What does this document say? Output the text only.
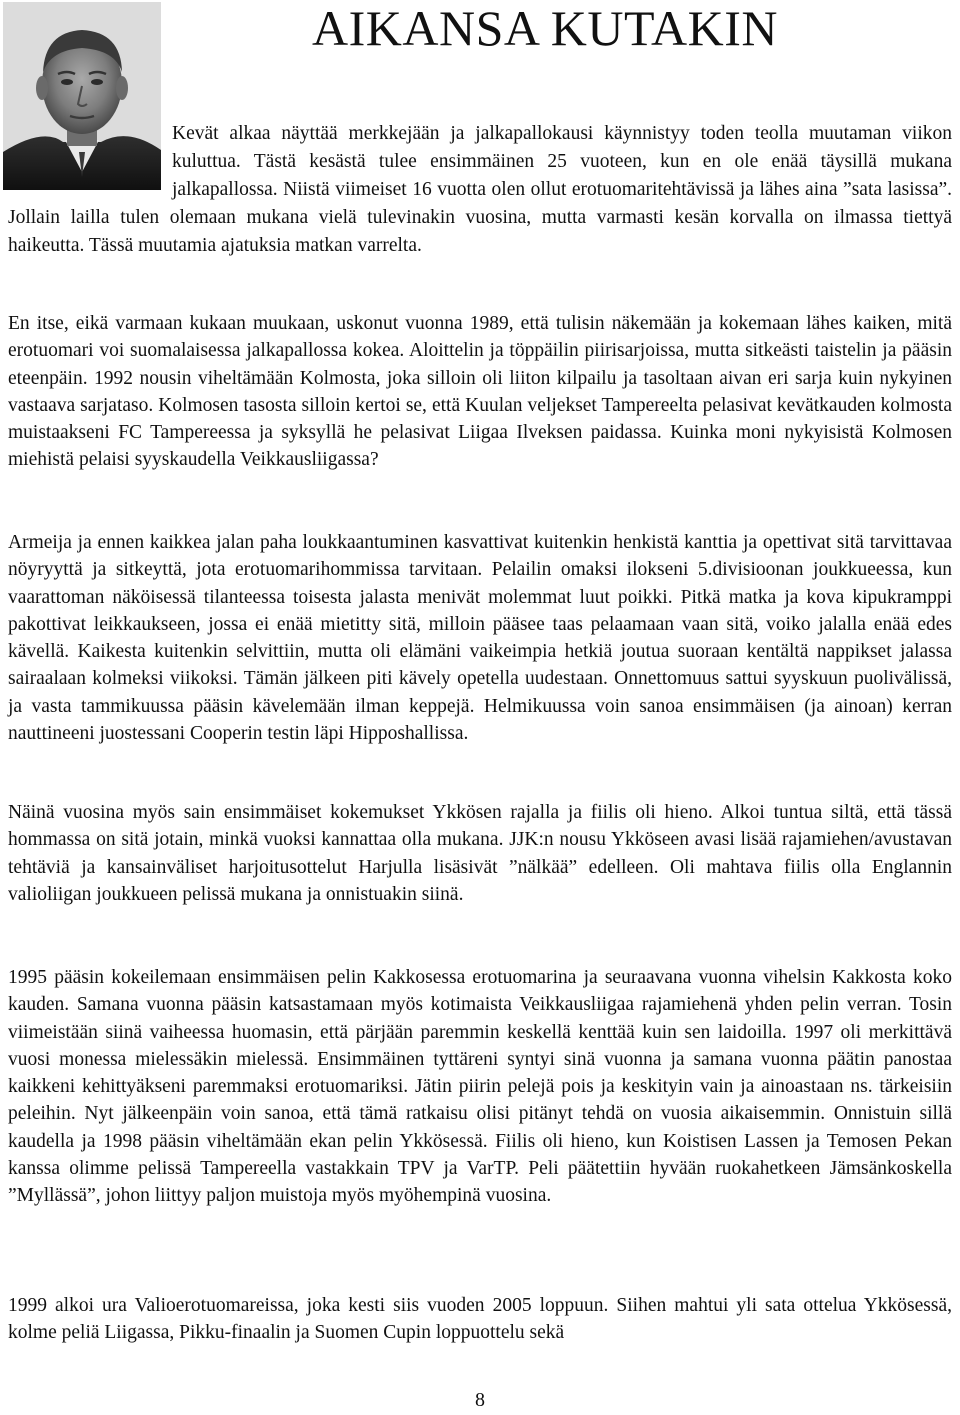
AIKANSA KUTAKIN

Kevät alkaa näyttää merkkejään ja jalkapallokausi käynnistyy toden teolla muutaman viikon kuluttua. Tästä kesästä tulee ensimmäinen 25 vuoteen, kun en ole enää täysillä mukana jalkapallossa. Niistä viimeiset 16 vuotta olen ollut erotuomaritehtävissä ja lähes aina ”sata lasissa”. Jollain lailla tulen olemaan mukana vielä tulevinakin vuosina, mutta varmasti kesän korvalla on ilmassa tiettyä haikeutta. Tässä muutamia ajatuksia matkan varrelta.

En itse, eikä varmaan kukaan muukaan, uskonut vuonna 1989, että tulisin näkemään ja kokemaan lähes kaiken, mitä erotuomari voi suomalaisessa jalkapallossa kokea. Aloittelin ja töppäilin piirisarjoissa, mutta sitkeästi taistelin ja pääsin eteenpäin. 1992 nousin viheltämään Kolmosta, joka silloin oli liiton kilpailu ja tasoltaan aivan eri sarja kuin nykyinen vastaava sarjataso. Kolmosen tasosta silloin kertoi se, että Kuulan veljekset Tampereelta pelasivat kevätkauden kolmosta muistaakseni FC Tampereessa ja syksyllä he pelasivat Liigaa Ilveksen paidassa. Kuinka moni nykyisistä Kolmosen miehistä pelaisi syyskaudella Veikkausliigassa?

Armeija ja ennen kaikkea jalan paha loukkaantuminen kasvattivat kuitenkin henkistä kanttia ja opettivat sitä tarvittavaa nöyryyttä ja sitkeyttä, jota erotuomarihommissa tarvitaan. Pelailin omaksi ilokseni 5.divisioonan joukkueessa, kun vaarattoman näköisessä tilanteessa toisesta jalasta menivät molemmat luut poikki. Pitkä matka ja kova kipukramppi pakottivat leikkaukseen, jossa ei enää mietitty sitä, milloin pääsee taas pelaamaan vaan sitä, voiko jalalla enää edes kävellä. Kaikesta kuitenkin selvittiin, mutta oli elämäni vaikeimpia hetkiä joutua suoraan kentältä nappikset jalassa sairaalaan kolmeksi viikoksi. Tämän jälkeen piti kävely opetella uudestaan. Onnettomuus sattui syyskuun puolivälissä, ja vasta tammikuussa pääsin kävelemään ilman keppejä. Helmikuussa voin sanoa ensimmäisen (ja ainoan) kerran nauttineeni juostessani Cooperin testin läpi Hipposhallissa.

Näinä vuosina myös sain ensimmäiset kokemukset Ykkösen rajalla ja fiilis oli hieno. Alkoi tuntua siltä, että tässä hommassa on sitä jotain, minkä vuoksi kannattaa olla mukana. JJK:n nousu Ykköseen avasi lisää rajamiehen/avustavan tehtäviä ja kansainväliset harjoitusottelut Harjulla lisäsivät ”nälkää” edelleen. Oli mahtava fiilis olla Englannin valioliigan joukkueen pelissä mukana ja onnistuakin siinä.

1995 pääsin kokeilemaan ensimmäisen pelin Kakkosessa erotuomarina ja seuraavana vuonna vihelsin Kakkosta koko kauden. Samana vuonna pääsin katsastamaan myös kotimaista Veikkausliigaa rajamiehenä yhden pelin verran. Tosin viimeistään siinä vaiheessa huomasin, että pärjään paremmin keskellä kenttää kuin sen laidoilla. 1997 oli merkittävä vuosi monessa mielessäkin mielessä. Ensimmäinen tyttäreni syntyi sinä vuonna ja samana vuonna päätin panostaa kaikkeni kehittyäkseni paremmaksi erotuomariksi. Jätin piirin pelejä pois ja keskityin vain ja ainoastaan ns. tärkeisiin peleihin. Nyt jälkeenpäin voin sanoa, että tämä ratkaisu olisi pitänyt tehdä on vuosia aikaisemmin. Onnistuin sillä kaudella ja 1998 pääsin viheltämään ekan pelin Ykkösessä. Fiilis oli hieno, kun Koistisen Lassen ja Temosen Pekan kanssa olimme pelissä Tampereella vastakkain TPV ja VarTP. Peli päätettiin hyvään ruokahetkeen Jämsänkoskella ”Myllässä”, johon liittyy paljon muistoja myös myöhempinä vuosina.

1999 alkoi ura Valioerotuomareissa, joka kesti siis vuoden 2005 loppuun. Siihen mahtui yli sata ottelua Ykkösessä, kolme peliä Liigassa, Pikku-finaalin ja Suomen Cupin loppuottelu sekä

8
